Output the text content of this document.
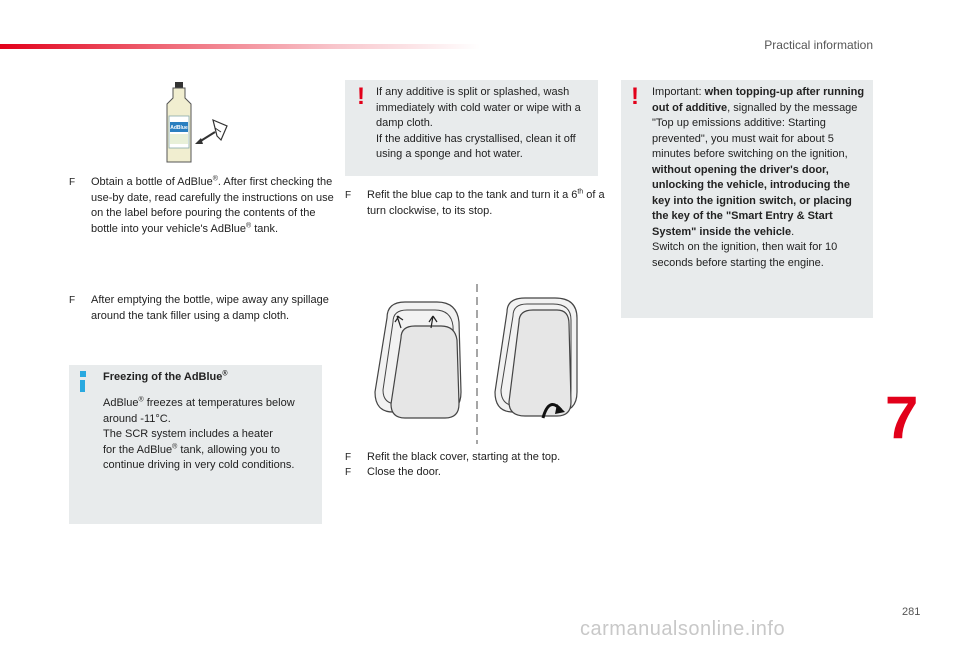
Practical information
AdBlue
F Obtain a bottle of AdBlue®. After first checking the use-by date, read carefully the instructions on use on the label before pouring the contents of the bottle into your vehicle's AdBlue® tank.
F After emptying the bottle, wipe away any spillage around the tank filler using a damp cloth.
Freezing of the AdBlue®
AdBlue® freezes at temperatures below around -11°C.
The SCR system includes a heater
for the AdBlue® tank, allowing you to continue driving in very cold conditions.
! If any additive is split or splashed, wash immediately with cold water or wipe with a damp cloth.
If the additive has crystallised, clean it off using a sponge and hot water.
F Refit the blue cap to the tank and turn it a 6th of a turn clockwise, to its stop.
F Refit the black cover, starting at the top.
F Close the door.
! Important: when topping-up after running out of additive, signalled by the message "Top up emissions additive: Starting prevented", you must wait for about 5 minutes before switching on the ignition, without opening the driver's door, unlocking the vehicle, introducing the key into the ignition switch, or placing the key of the "Smart Entry & Start System" inside the vehicle.
Switch on the ignition, then wait for 10 seconds before starting the engine.
7
281
carmanualsonline.info
